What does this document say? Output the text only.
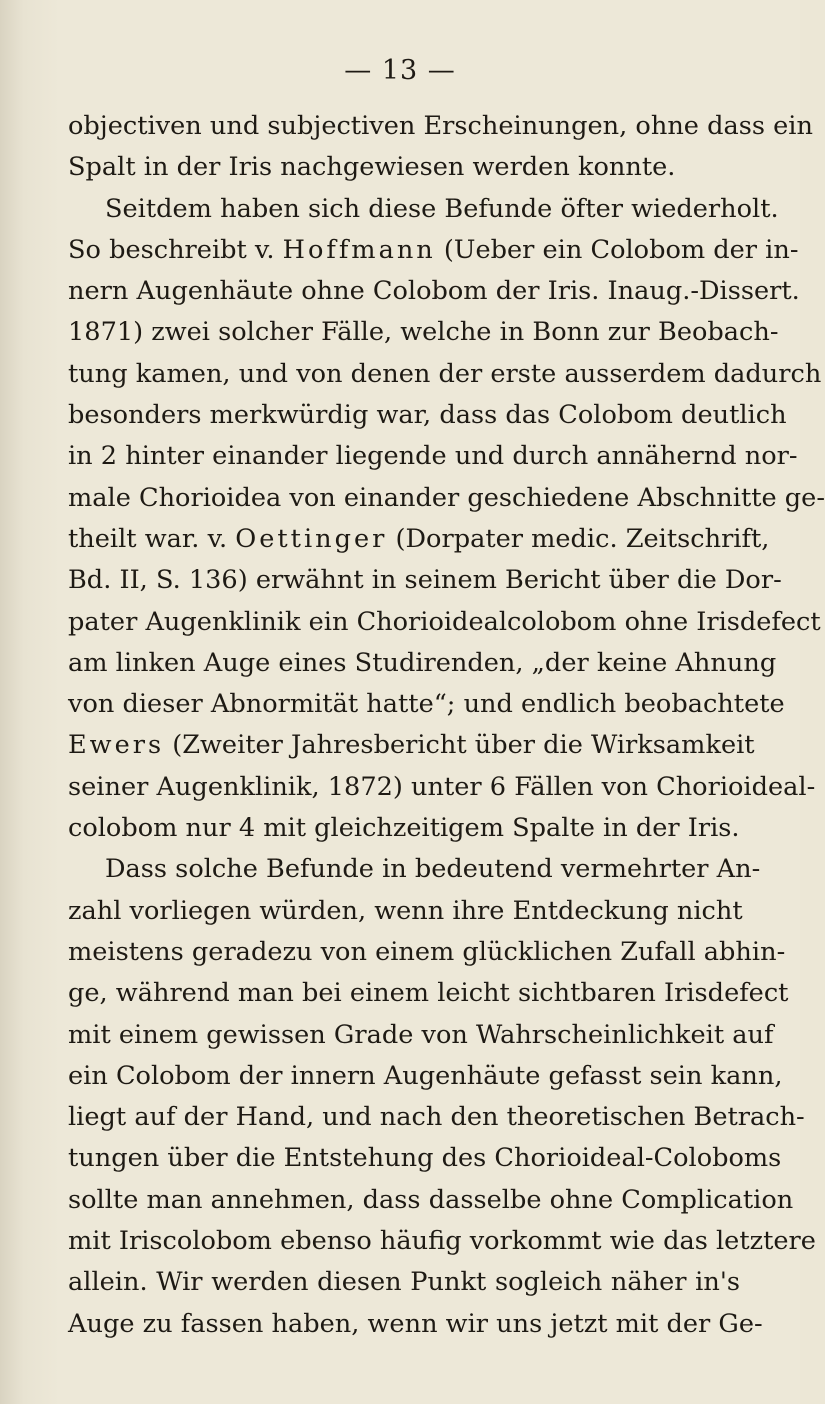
— 13 —
objectiven und subjectiven Erscheinungen, ohne dass ein
Spalt in der Iris nachgewiesen werden konnte.
Seitdem haben sich diese Befunde öfter wiederholt.
So beschreibt v. Hoffmann (Ueber ein Colobom der in-
nern Augenhäute ohne Colobom der Iris. Inaug.-Dissert.
1871) zwei solcher Fälle, welche in Bonn zur Beobach-
tung kamen, und von denen der erste ausserdem dadurch
besonders merkwürdig war, dass das Colobom deutlich
in 2 hinter einander liegende und durch annähernd nor-
male Chorioidea von einander geschiedene Abschnitte ge-
theilt war. v. Oettinger (Dorpater medic. Zeitschrift,
Bd. II, S. 136) erwähnt in seinem Bericht über die Dor-
pater Augenklinik ein Chorioidealcolobom ohne Irisdefect
am linken Auge eines Studirenden, „der keine Ahnung
von dieser Abnormität hatte“; und endlich beobachtete
Ewers (Zweiter Jahresbericht über die Wirksamkeit
seiner Augenklinik, 1872) unter 6 Fällen von Chorioideal-
colobom nur 4 mit gleichzeitigem Spalte in der Iris.
Dass solche Befunde in bedeutend vermehrter An-
zahl vorliegen würden, wenn ihre Entdeckung nicht
meistens geradezu von einem glücklichen Zufall abhin-
ge, während man bei einem leicht sichtbaren Irisdefect
mit einem gewissen Grade von Wahrscheinlichkeit auf
ein Colobom der innern Augenhäute gefasst sein kann,
liegt auf der Hand, und nach den theoretischen Betrach-
tungen über die Entstehung des Chorioideal-Coloboms
sollte man annehmen, dass dasselbe ohne Complication
mit Iriscolobom ebenso häufig vorkommt wie das letztere
allein. Wir werden diesen Punkt sogleich näher in's
Auge zu fassen haben, wenn wir uns jetzt mit der Ge-
